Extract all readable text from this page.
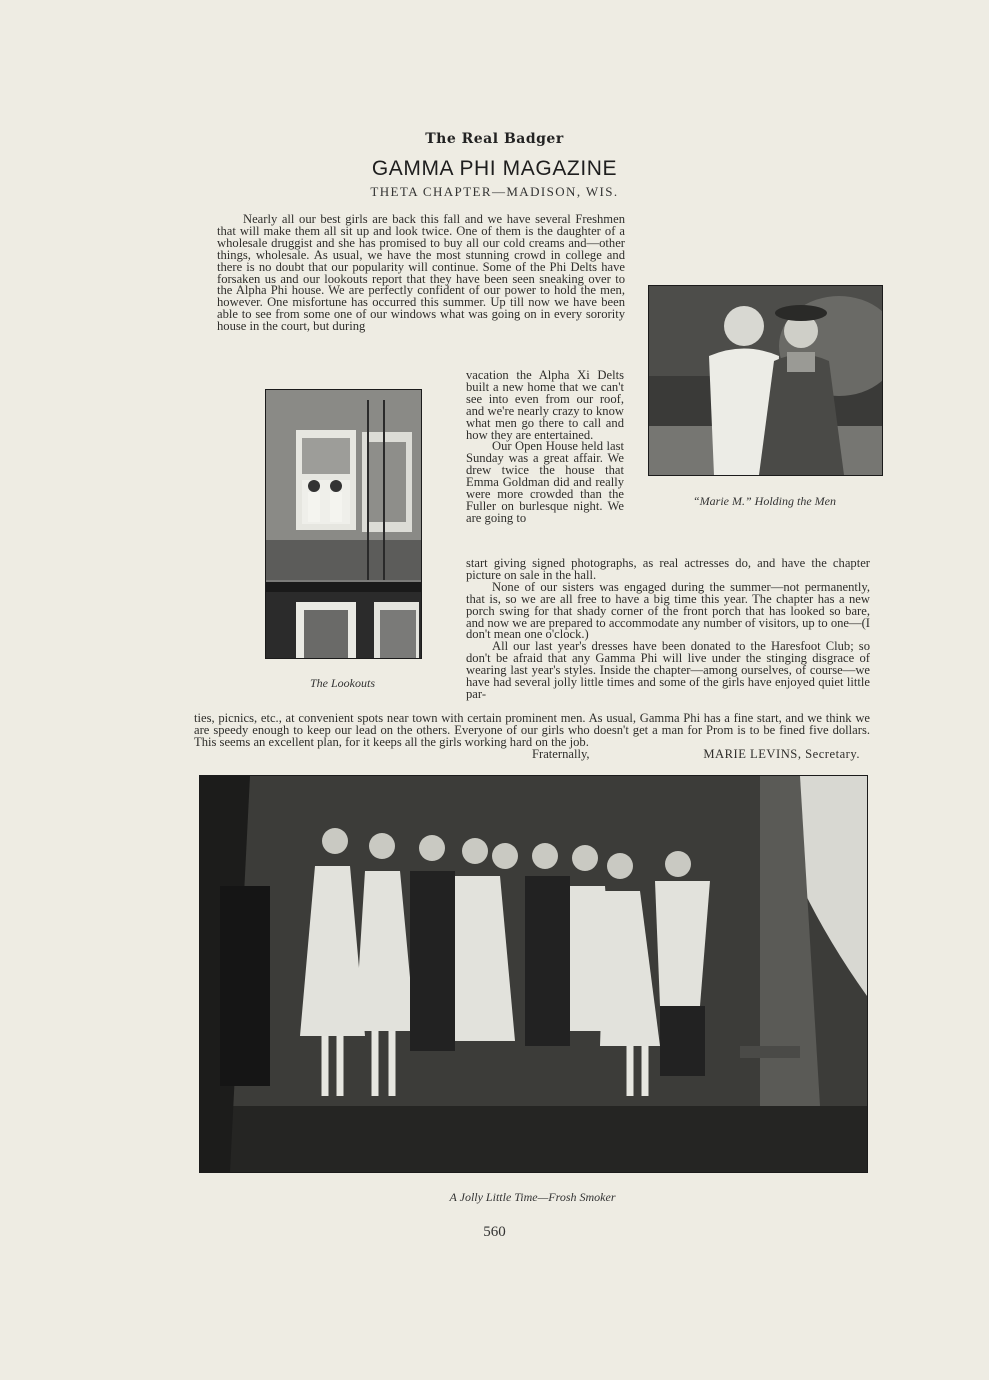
The Real Badger
GAMMA PHI MAGAZINE
THETA CHAPTER—MADISON, WIS.

Nearly all our best girls are back this fall and we have several Freshmen that will make them all sit up and look twice. One of them is the daughter of a wholesale druggist and she has promised to buy all our cold creams and—other things, wholesale. As usual, we have the most stunning crowd in college and there is no doubt that our popularity will continue. Some of the Phi Delts have forsaken us and our lookouts report that they have been seen sneaking over to the Alpha Phi house. We are perfectly confident of our power to hold the men, however. One misfortune has occurred this summer. Up till now we have been able to see from some one of our windows what was going on in every sorority house in the court, but during

vacation the Alpha Xi Delts built a new home that we can't see into even from our roof, and we're nearly crazy to know what men go there to call and how they are entertained.

Our Open House held last Sunday was a great affair. We drew twice the house that Emma Goldman did and really were more crowded than the Fuller on burlesque night. We are going to

start giving signed photographs, as real actresses do, and have the chapter picture on sale in the hall.

None of our sisters was engaged during the summer—not permanently, that is, so we are all free to have a big time this year. The chapter has a new porch swing for that shady corner of the front porch that has looked so bare, and now we are prepared to accommodate any number of visitors, up to one—(I don't mean one o'clock.)

All our last year's dresses have been donated to the Haresfoot Club; so don't be afraid that any Gamma Phi will live under the stinging disgrace of wearing last year's styles. Inside the chapter—among ourselves, of course—we have had several jolly little times and some of the girls have enjoyed quiet little par-

ties, picnics, etc., at convenient spots near town with certain prominent men. As usual, Gamma Phi has a fine start, and we think we are speedy enough to keep our lead on the others. Everyone of our girls who doesn't get a man for Prom is to be fined five dollars. This seems an excellent plan, for it keeps all the girls working hard on the job.

Fraternally,	MARIE LEVINS, Secretary.
The Lookouts
“Marie M.” Holding the Men
A Jolly Little Time—Frosh Smoker
560
